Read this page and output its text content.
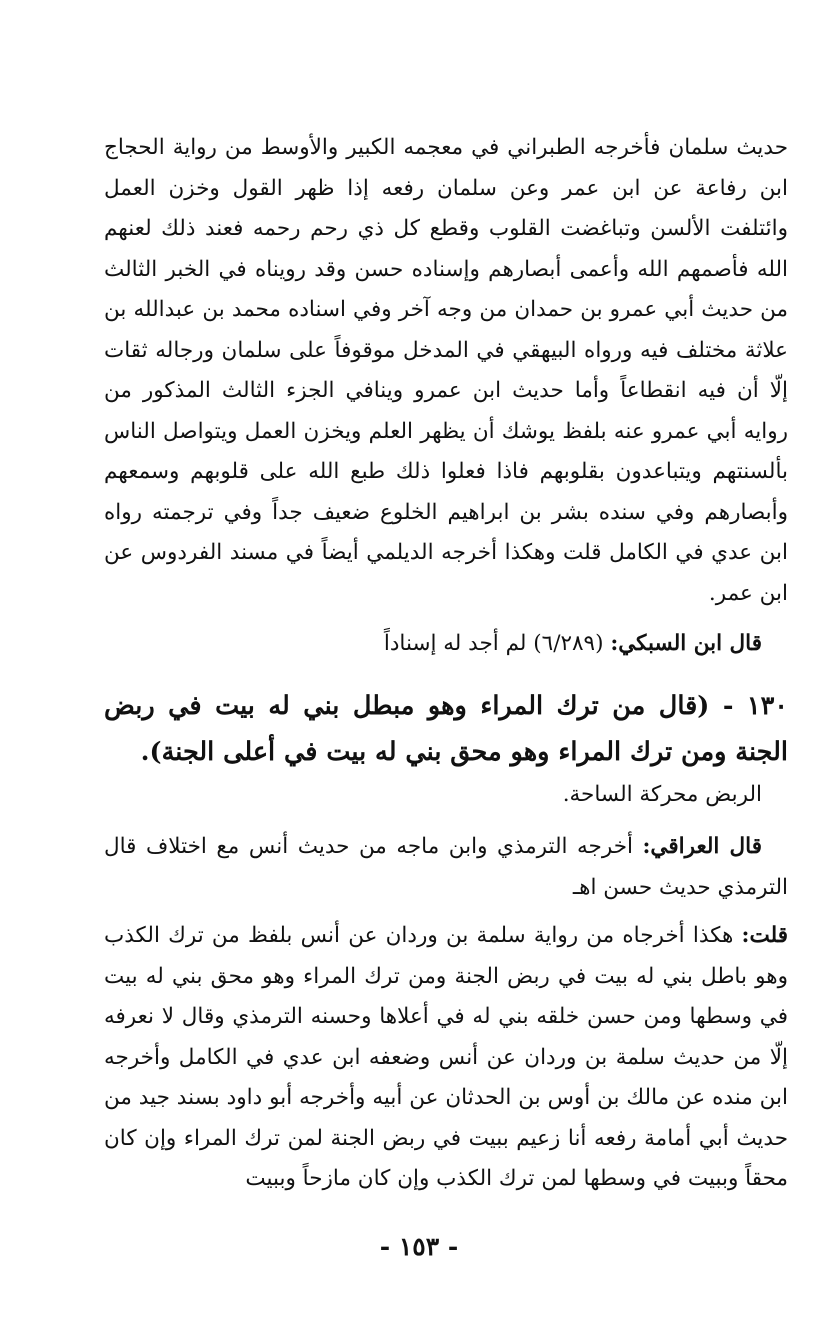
حديث سلمان فأخرجه الطبراني في معجمه الكبير والأوسط من رواية الحجاج ابن رفاعة عن ابن عمر وعن سلمان رفعه إذا ظهر القول وخزن العمل وائتلفت الألسن وتباغضت القلوب وقطع كل ذي رحم رحمه فعند ذلك لعنهم الله فأصمهم الله وأعمى أبصارهم وإسناده حسن وقد رويناه في الخبر الثالث من حديث أبي عمرو بن حمدان من وجه آخر وفي اسناده محمد بن عبدالله بن علاثة مختلف فيه ورواه البيهقي في المدخل موقوفاً على سلمان ورجاله ثقات إلّا أن فيه انقطاعاً وأما حديث ابن عمرو وينافي الجزء الثالث المذكور من روايه أبي عمرو عنه بلفظ يوشك أن يظهر العلم ويخزن العمل ويتواصل الناس بألسنتهم ويتباعدون بقلوبهم فاذا فعلوا ذلك طبع الله على قلوبهم وسمعهم وأبصارهم وفي سنده بشر بن ابراهيم الخلوع ضعيف جداً وفي ترجمته رواه ابن عدي في الكامل قلت وهكذا أخرجه الديلمي أيضاً في مسند الفردوس عن ابن عمر.

قال ابن السبكي: (٦/٢٨٩) لم أجد له إسناداً

١٣٠ - (قال من ترك المراء وهو مبطل بني له بيت في ربض الجنة ومن ترك المراء وهو محق بني له بيت في أعلى الجنة).

الربض محركة الساحة.

قال العراقي: أخرجه الترمذي وابن ماجه من حديث أنس مع اختلاف قال الترمذي حديث حسن اهـ

قلت: هكذا أخرجاه من رواية سلمة بن وردان عن أنس بلفظ من ترك الكذب وهو باطل بني له بيت في ربض الجنة ومن ترك المراء وهو محق بني له بيت في وسطها ومن حسن خلقه بني له في أعلاها وحسنه الترمذي وقال لا نعرفه إلّا من حديث سلمة بن وردان عن أنس وضعفه ابن عدي في الكامل وأخرجه ابن منده عن مالك بن أوس بن الحدثان عن أبيه وأخرجه أبو داود بسند جيد من حديث أبي أمامة رفعه أنا زعيم ببيت في ربض الجنة لمن ترك المراء وإن كان محقاً وببيت في وسطها لمن ترك الكذب وإن كان مازحاً وببيت

- ١٥٣ -
